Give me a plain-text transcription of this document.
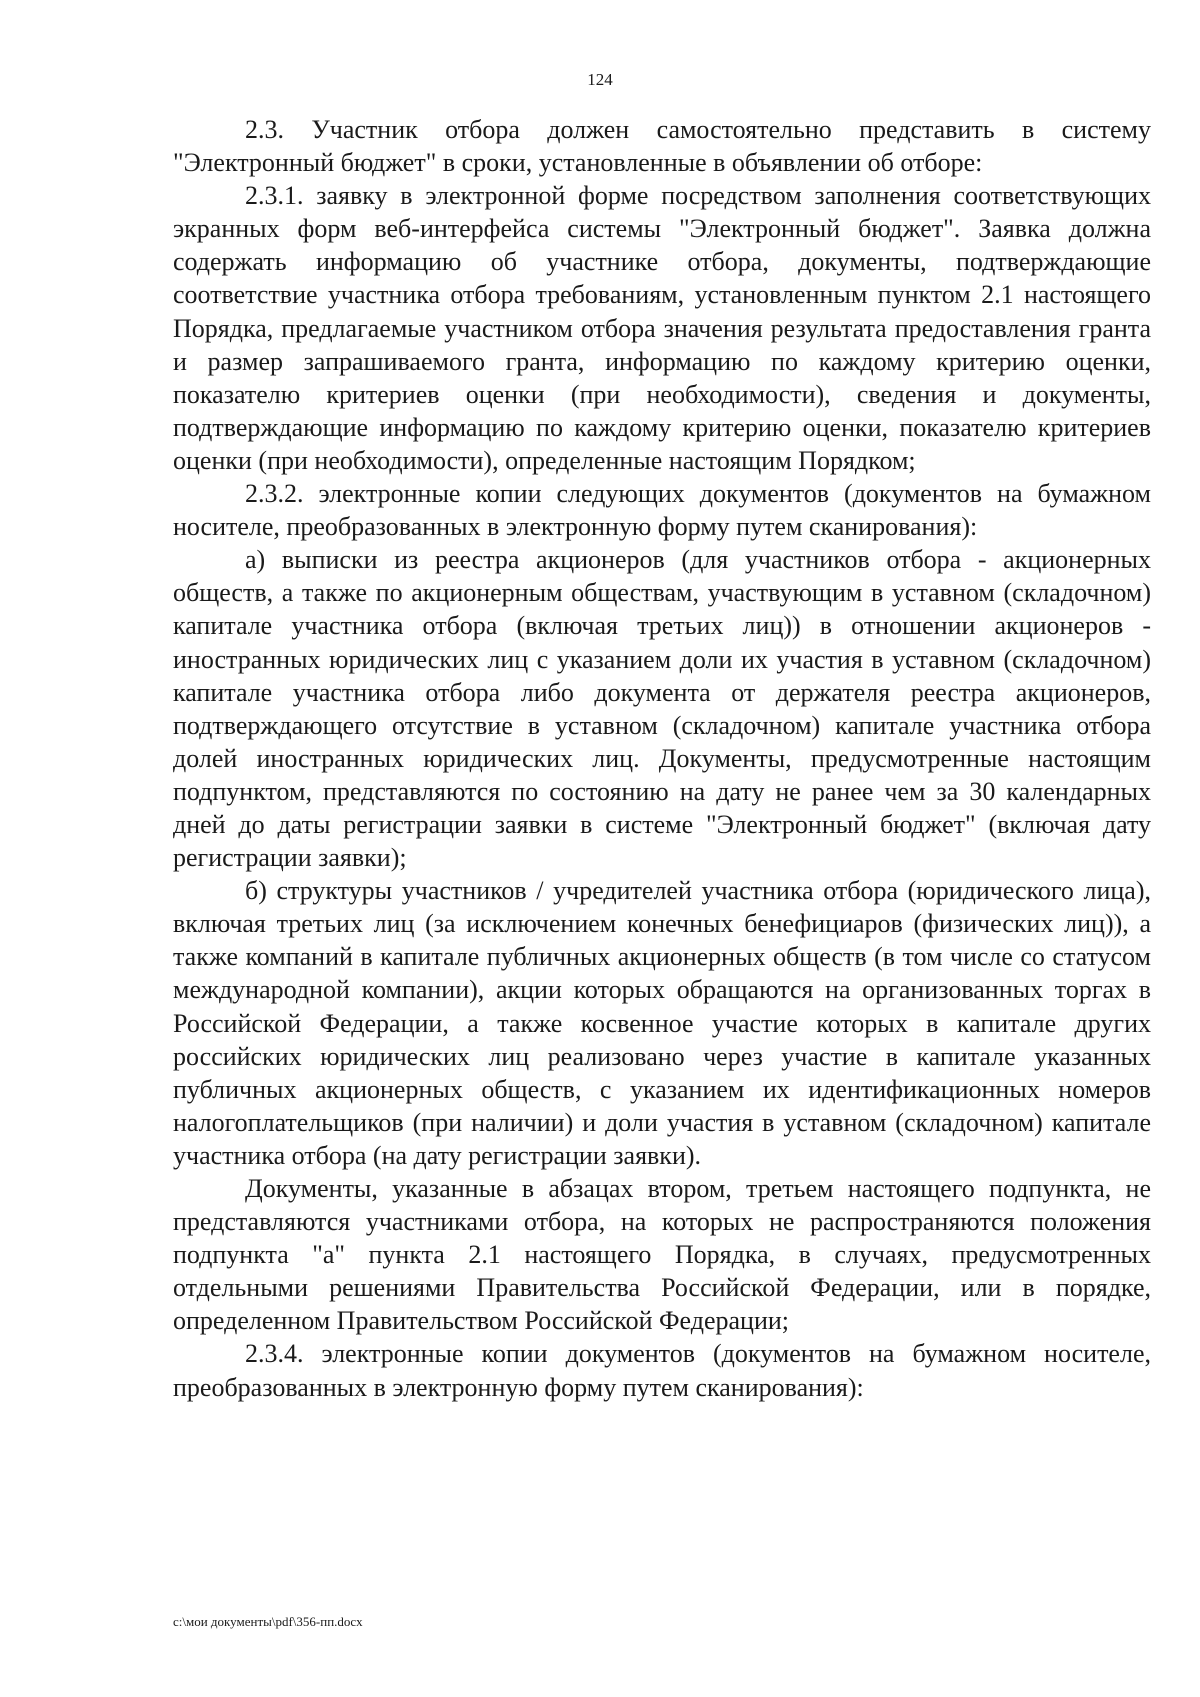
124

2.3. Участник отбора должен самостоятельно представить в систему "Электронный бюджет" в сроки, установленные в объявлении об отборе:

2.3.1. заявку в электронной форме посредством заполнения соответствующих экранных форм веб-интерфейса системы "Электронный бюджет". Заявка должна содержать информацию об участнике отбора, документы, подтверждающие соответствие участника отбора требованиям, установленным пунктом 2.1 настоящего Порядка, предлагаемые участником отбора значения результата предоставления гранта и размер запрашиваемого гранта, информацию по каждому критерию оценки, показателю критериев оценки (при необходимости), сведения и документы, подтверждающие информацию по каждому критерию оценки, показателю критериев оценки (при необходимости), определенные настоящим Порядком;

2.3.2. электронные копии следующих документов (документов на бумажном носителе, преобразованных в электронную форму путем сканирования):

а) выписки из реестра акционеров (для участников отбора - акционерных обществ, а также по акционерным обществам, участвующим в уставном (складочном) капитале участника отбора (включая третьих лиц)) в отношении акционеров - иностранных юридических лиц с указанием доли их участия в уставном (складочном) капитале участника отбора либо документа от держателя реестра акционеров, подтверждающего отсутствие в уставном (складочном) капитале участника отбора долей иностранных юридических лиц. Документы, предусмотренные настоящим подпунктом, представляются по состоянию на дату не ранее чем за 30 календарных дней до даты регистрации заявки в системе "Электронный бюджет" (включая дату регистрации заявки);

б) структуры участников / учредителей участника отбора (юридического лица), включая третьих лиц (за исключением конечных бенефициаров (физических лиц)), а также компаний в капитале публичных акционерных обществ (в том числе со статусом международной компании), акции которых обращаются на организованных торгах в Российской Федерации, а также косвенное участие которых в капитале других российских юридических лиц реализовано через участие в капитале указанных публичных акционерных обществ, с указанием их идентификационных номеров налогоплательщиков (при наличии) и доли участия в уставном (складочном) капитале участника отбора (на дату регистрации заявки).

Документы, указанные в абзацах втором, третьем настоящего подпункта, не представляются участниками отбора, на которых не распространяются положения подпункта "а" пункта 2.1 настоящего Порядка, в случаях, предусмотренных отдельными решениями Правительства Российской Федерации, или в порядке, определенном Правительством Российской Федерации;

2.3.4. электронные копии документов (документов на бумажном носителе, преобразованных в электронную форму путем сканирования):

c:\мои документы\pdf\356-пп.docx
